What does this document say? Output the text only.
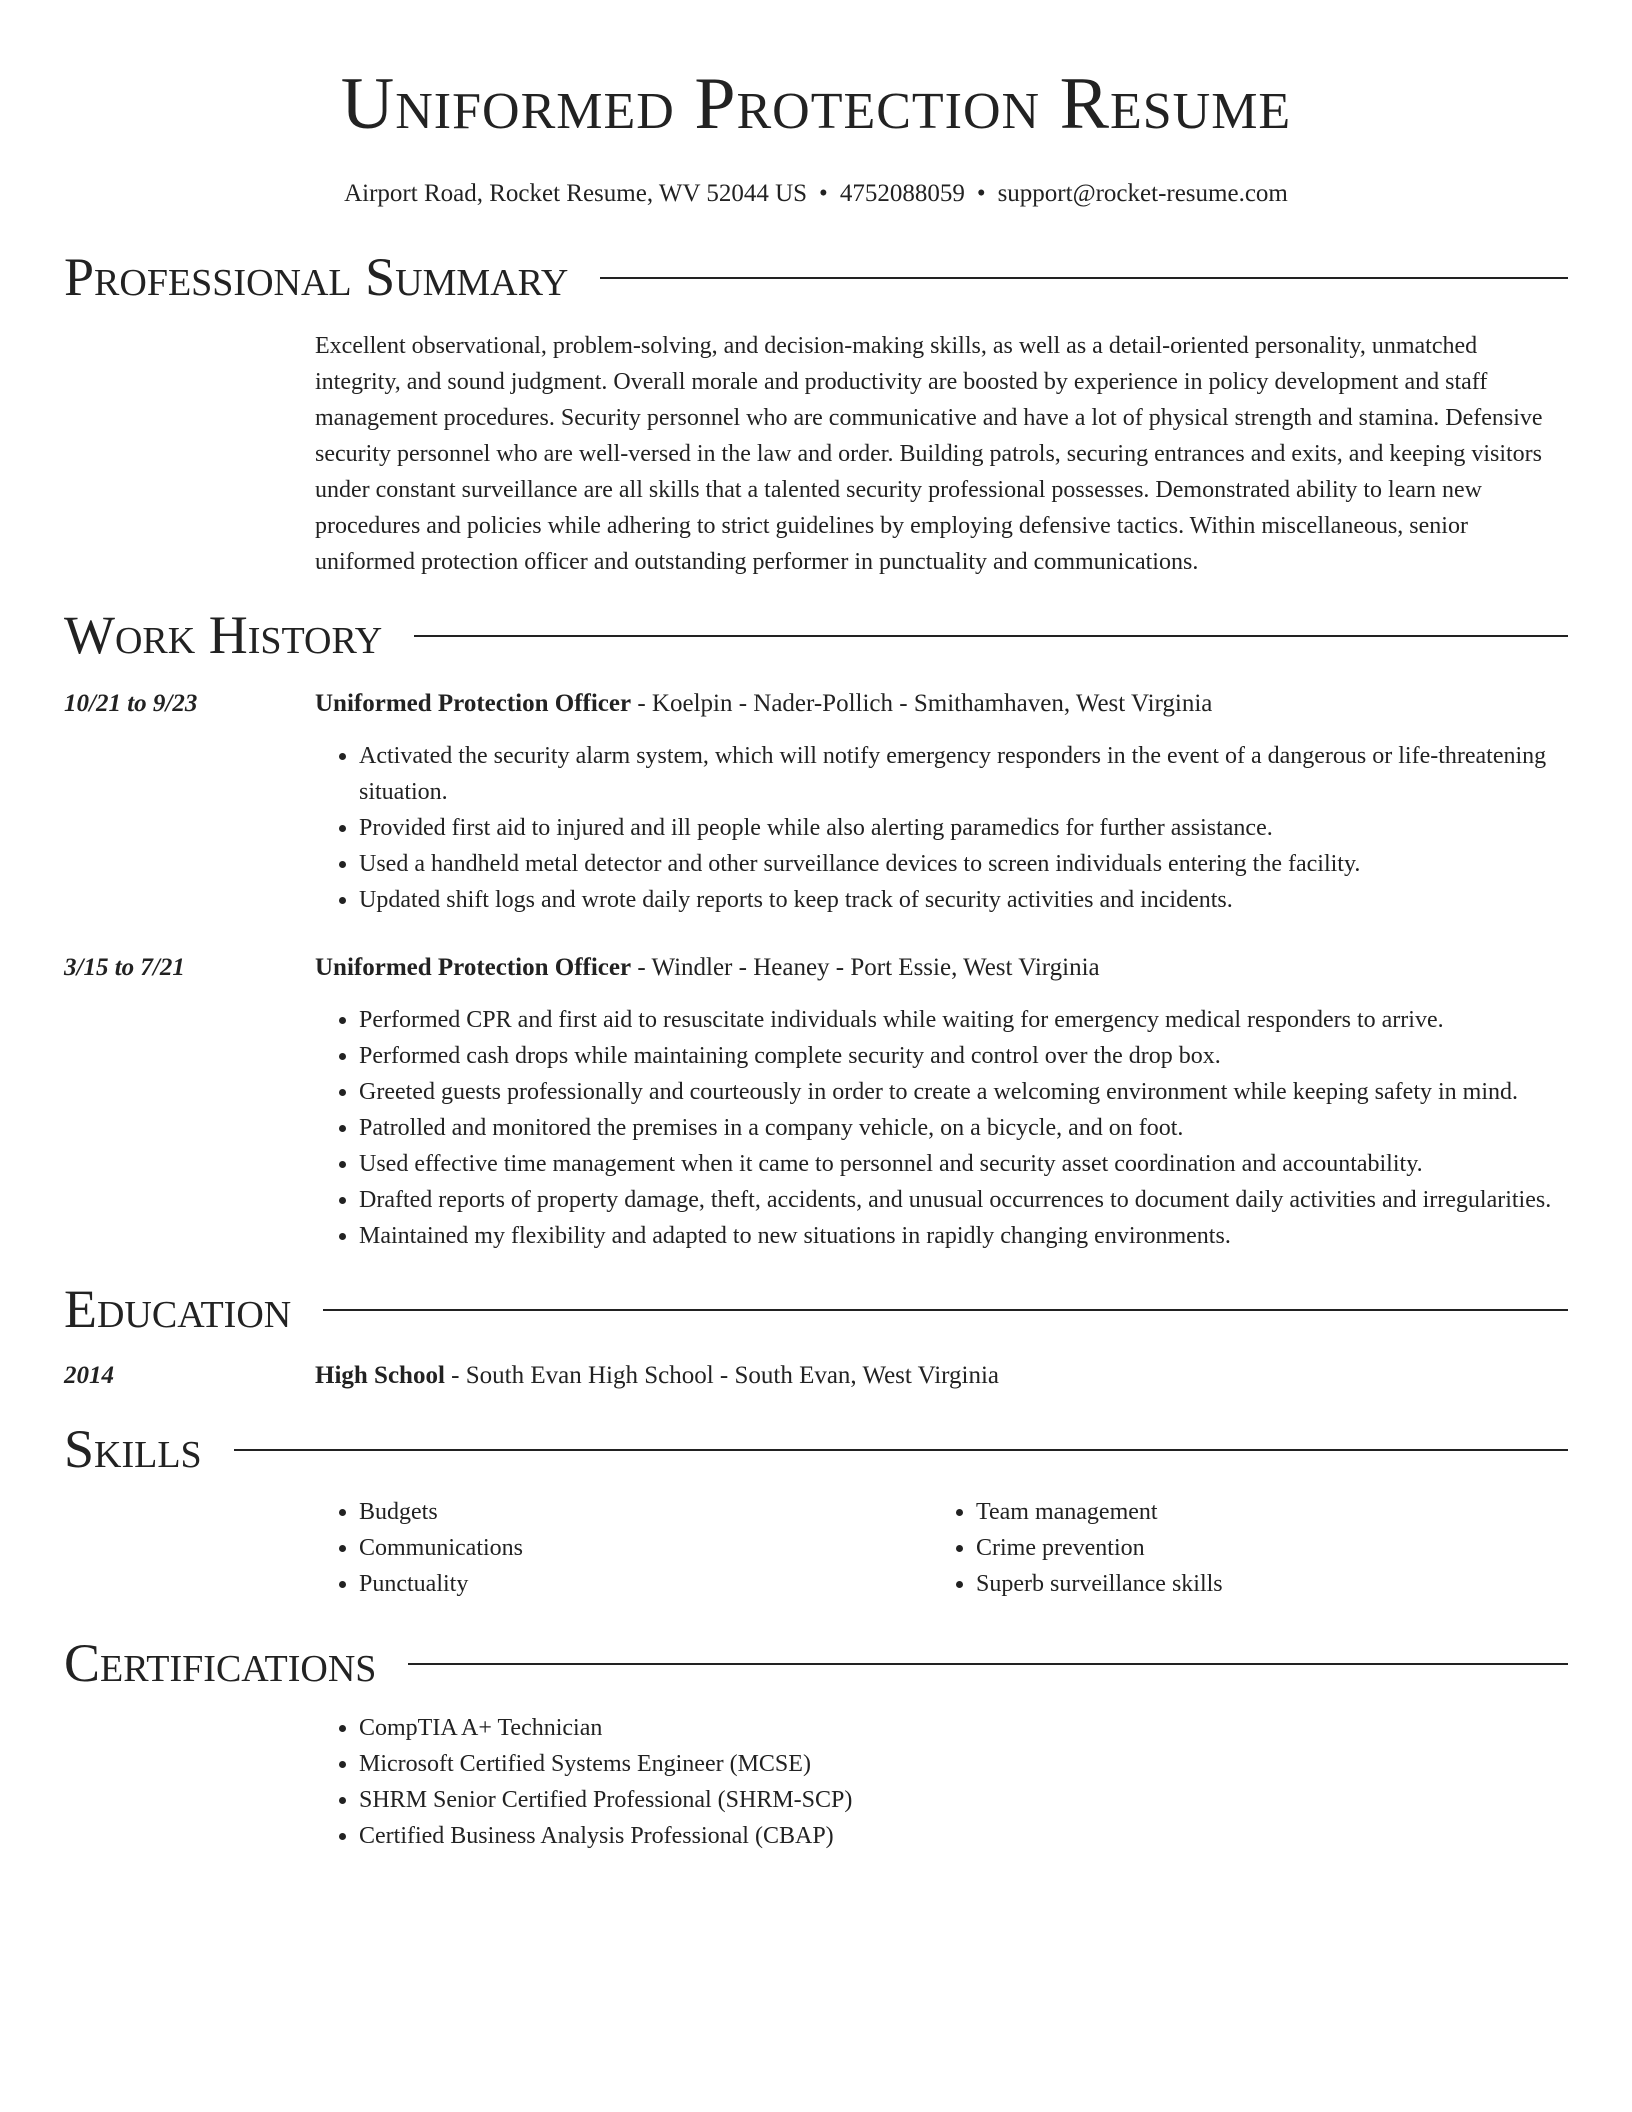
Uniformed Protection Resume
Airport Road, Rocket Resume, WV 52044 US • 4752088059 • support@rocket-resume.com
Professional Summary

Excellent observational, problem-solving, and decision-making skills, as well as a detail-oriented personality, unmatched integrity, and sound judgment. Overall morale and productivity are boosted by experience in policy development and staff management procedures. Security personnel who are communicative and have a lot of physical strength and stamina. Defensive security personnel who are well-versed in the law and order. Building patrols, securing entrances and exits, and keeping visitors under constant surveillance are all skills that a talented security professional possesses. Demonstrated ability to learn new procedures and policies while adhering to strict guidelines by employing defensive tactics. Within miscellaneous, senior uniformed protection officer and outstanding performer in punctuality and communications.

Work History
10/21 to 9/23	Uniformed Protection Officer - Koelpin - Nader-Pollich - Smithamhaven, West Virginia
• Activated the security alarm system, which will notify emergency responders in the event of a dangerous or life-threatening situation.
• Provided first aid to injured and ill people while also alerting paramedics for further assistance.
• Used a handheld metal detector and other surveillance devices to screen individuals entering the facility.
• Updated shift logs and wrote daily reports to keep track of security activities and incidents.
3/15 to 7/21	Uniformed Protection Officer - Windler - Heaney - Port Essie, West Virginia
• Performed CPR and first aid to resuscitate individuals while waiting for emergency medical responders to arrive.
• Performed cash drops while maintaining complete security and control over the drop box.
• Greeted guests professionally and courteously in order to create a welcoming environment while keeping safety in mind.
• Patrolled and monitored the premises in a company vehicle, on a bicycle, and on foot.
• Used effective time management when it came to personnel and security asset coordination and accountability.
• Drafted reports of property damage, theft, accidents, and unusual occurrences to document daily activities and irregularities.
• Maintained my flexibility and adapted to new situations in rapidly changing environments.
Education
2014	High School - South Evan High School - South Evan, West Virginia
Skills
• Budgets
• Communications
• Punctuality
• Team management
• Crime prevention
• Superb surveillance skills
Certifications
• CompTIA A+ Technician
• Microsoft Certified Systems Engineer (MCSE)
• SHRM Senior Certified Professional (SHRM-SCP)
• Certified Business Analysis Professional (CBAP)
